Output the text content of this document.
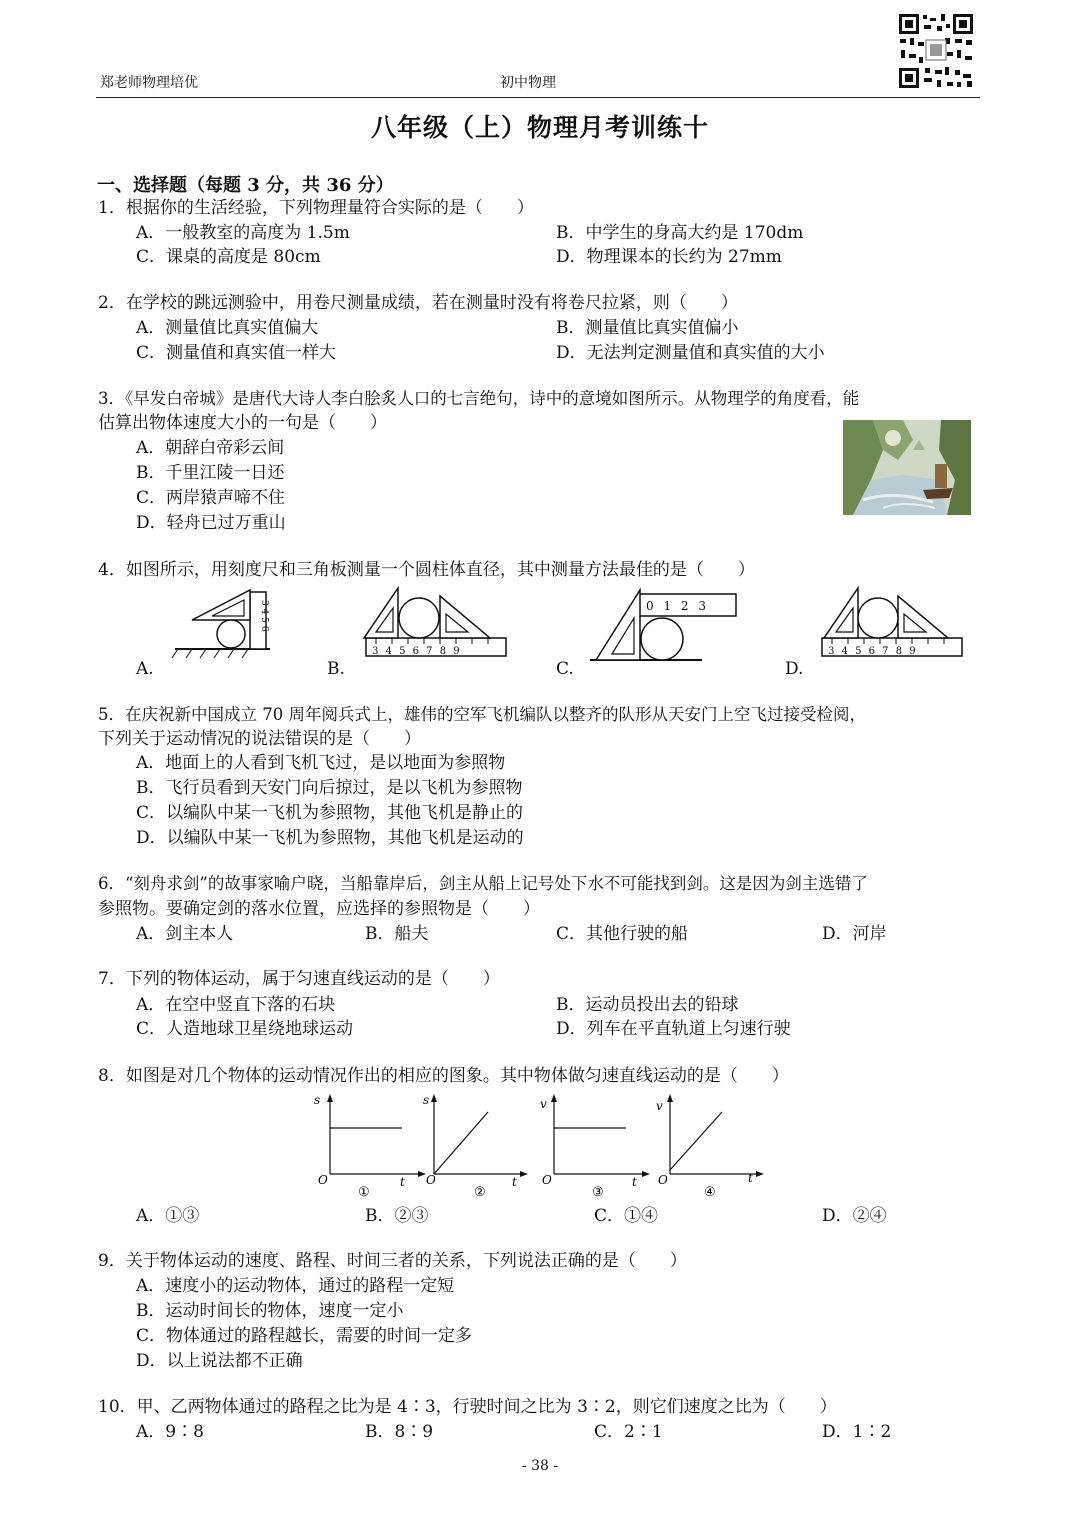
郑老师物理培优	初中物理
八年级（上）物理月考训练十
一、选择题（每题 3 分，共 36 分）
1．根据你的生活经验，下列物理量符合实际的是（　　）
A．一般教室的高度为 1.5m	B．中学生的身高大约是 170dm
C．课桌的高度是 80cm	D．物理课本的长约为 27mm
2．在学校的跳远测验中，用卷尺测量成绩，若在测量时没有将卷尺拉紧，则（　　）
A．测量值比真实值偏大	B．测量值比真实值偏小
C．测量值和真实值一样大	D．无法判定测量值和真实值的大小
3．《早发白帝城》是唐代大诗人李白脍炙人口的七言绝句，诗中的意境如图所示。从物理学的角度看，能
估算出物体速度大小的一句是（　　）
A．朝辞白帝彩云间
B．千里江陵一日还
C．两岸猿声啼不住
D．轻舟已过万重山
4．如图所示，用刻度尺和三角板测量一个圆柱体直径，其中测量方法最佳的是（　　）
A.	B.	C.	D.
3 4 5 6
3 4 5 6 7 8 9
0 1 2 3
3 4 5 6 7 8 9
5．在庆祝新中国成立 70 周年阅兵式上，雄伟的空军飞机编队以整齐的队形从天安门上空飞过接受检阅，
下列关于运动情况的说法错误的是（　　）
A．地面上的人看到飞机飞过，是以地面为参照物
B．飞行员看到天安门向后掠过，是以飞机为参照物
C．以编队中某一飞机为参照物，其他飞机是静止的
D．以编队中某一飞机为参照物，其他飞机是运动的
6．“刻舟求剑”的故事家喻户晓，当船靠岸后，剑主从船上记号处下水不可能找到剑。这是因为剑主选错了
参照物。要确定剑的落水位置，应选择的参照物是（　　）
A．剑主本人	B．船夫	C．其他行驶的船	D．河岸
7．下列的物体运动，属于匀速直线运动的是（　　）
A．在空中竖直下落的石块	B．运动员投出去的铅球
C．人造地球卫星绕地球运动	D．列车在平直轨道上匀速行驶
8．如图是对几个物体的运动情况作出的相应的图象。其中物体做匀速直线运动的是（　　）
s
t
O
①
s
t
O
②
v
t
O
③
v
t
O
④
A．①③	B．②③	C．①④	D．②④
9．关于物体运动的速度、路程、时间三者的关系，下列说法正确的是（　　）
A．速度小的运动物体，通过的路程一定短
B．运动时间长的物体，速度一定小
C．物体通过的路程越长，需要的时间一定多
D．以上说法都不正确
10．甲、乙两物体通过的路程之比为是 4∶3，行驶时间之比为 3∶2，则它们速度之比为（　　）
A．9∶8	B．8∶9	C．2∶1	D．1∶2
- 38 -
